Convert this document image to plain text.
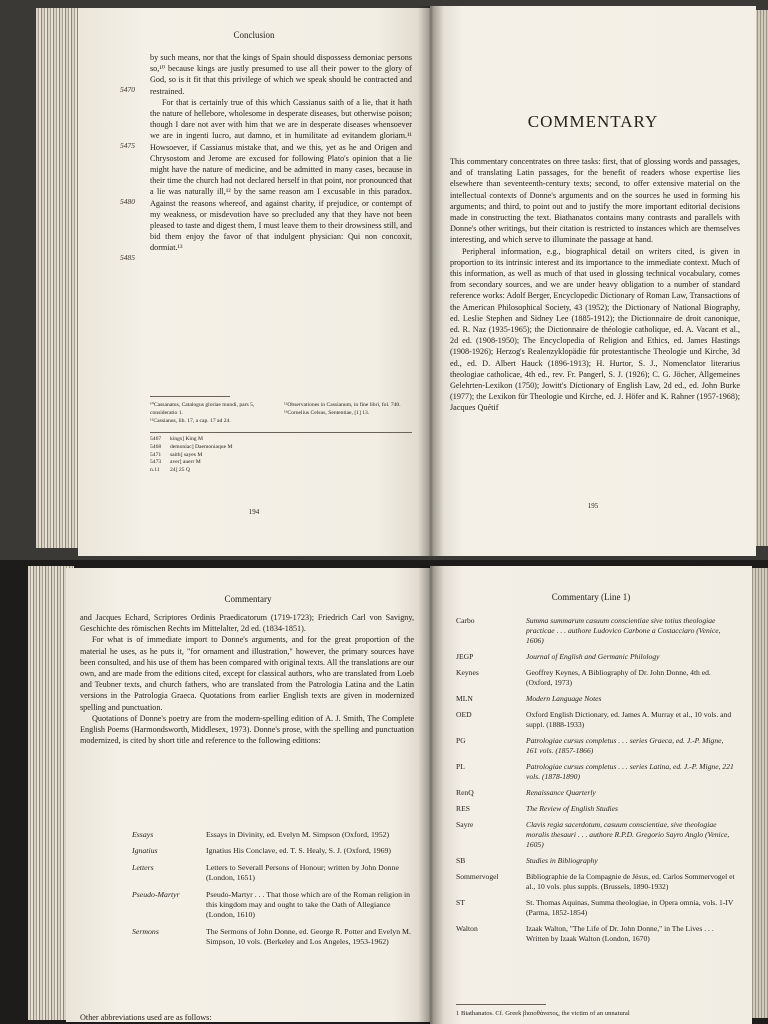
Conclusion

by such means, nor that the kings of Spain should dispossess demoniac persons so,¹⁰ because kings are justly presumed to use all their power to the glory of God, so is it fit that this privilege of which we speak should be contracted and restrained.

For that is certainly true of this which Cassianus saith of a lie, that it hath the nature of hellebore, wholesome in desperate diseases, but otherwise poison; though I dare not aver with him that we are in desperate diseases whensoever we are in ingenti lucro, aut damno, et in humilitate ad evitandem gloriam.¹¹ Howsoever, if Cassianus mistake that, and we this, yet as he and Origen and Chrysostom and Jerome are excused for following Plato's opinion that a lie might have the nature of medicine, and be admitted in many cases, because in their time the church had not declared herself in that point, nor pronounced that a lie was naturally ill,¹² by the same reason am I excusable in this paradox. Against the reasons whereof, and against charity, if prejudice, or contempt of my weakness, or misdevotion have so precluded any that they have not been pleased to taste and digest them, I must leave them to their drowsiness still, and bid them enjoy the favor of that indulgent physician: Qui non concoxit, dormiat.¹³

5470
5475
5480
5485
¹⁰Cassanatus, Catalogus gloriae mundi, pars 5, consideratio 1.
¹¹Cassianus, lib. 17, a cap. 17 ad 24.
¹²Observationes in Cassianum, in fine libri, fol. 740.
¹³Cornelius Celsus, Sententiae, [1] 13.
5467	kings] King M
5468	demoniac] Daemoniaque M
5471	saith] sayes M
5473	aver] auerr M
n.11	24] 25 Q
194
COMMENTARY

This commentary concentrates on three tasks: first, that of glossing words and passages, and of translating Latin passages, for the benefit of readers whose expertise lies elsewhere than seventeenth-century texts; second, to offer extensive material on the intellectual contexts of Donne's arguments and on the sources he used in forming his arguments; and third, to point out and to justify the more important editorial decisions made in constructing the text. Biathanatos contains many contrasts and parallels with Donne's other writings, but their citation is restricted to instances which are themselves interesting, and which serve to illuminate the passage at hand.

Peripheral information, e.g., biographical detail on writers cited, is given in proportion to its intrinsic interest and its importance to the immediate context. Much of this information, as well as much of that used in glossing technical vocabulary, comes from secondary sources, and we are under heavy obligation to a number of standard reference works: Adolf Berger, Encyclopedic Dictionary of Roman Law, Transactions of the American Philosophical Society, 43 (1952); the Dictionary of National Biography, ed. Leslie Stephen and Sidney Lee (1885-1912); the Dictionnaire de droit canonique, ed. R. Naz (1935-1965); the Dictionnaire de théologie catholique, ed. A. Vacant et al., 2d ed. (1908-1950); The Encyclopedia of Religion and Ethics, ed. James Hastings (1908-1926); Herzog's Realenzyklopädie für protestantische Theologie und Kirche, 3d ed., ed. D. Albert Hauck (1896-1913); H. Hurtor, S. J., Nomenclator literarius theologiae catholicae, 4th ed., rev. Fr. Pangerl, S. J. (1926); C. G. Jöcher, Allgemeines Gelehrten-Lexikon (1750); Jowitt's Dictionary of English Law, 2d ed., ed. John Burke (1977); the Lexikon für Theologie und Kirche, ed. J. Höfer and K. Rahner (1957-1968); Jacques Quétif

195
Commentary

and Jacques Echard, Scriptores Ordinis Praedicatorum (1719-1723); Friedrich Carl von Savigny, Geschichte des römischen Rechts im Mittelalter, 2d ed. (1834-1851).

For what is of immediate import to Donne's arguments, and for the great proportion of the material he uses, as he puts it, "for ornament and illustration," however, the primary sources have been consulted, and his use of them has been compared with original texts. All the translations are our own, and are made from the editions cited, except for classical authors, who are translated from Loeb and Teubner texts, and church fathers, who are translated from the Patrologia Latina and the Latin versions in the Patrologia Graeca. Quotations from earlier English texts are given in modernized spelling and punctuation.

Quotations of Donne's poetry are from the modern-spelling edition of A. J. Smith, The Complete English Poems (Harmondsworth, Middlesex, 1973). Donne's prose, with the spelling and punctuation modernized, is cited by short title and reference to the following editions:

Essays	Essays in Divinity, ed. Evelyn M. Simpson (Oxford, 1952)
Ignatius	Ignatius His Conclave, ed. T. S. Healy, S. J. (Oxford, 1969)
Letters	Letters to Severall Persons of Honour; written by John Donne (London, 1651)
Pseudo-Martyr	Pseudo-Martyr . . . That those which are of the Roman religion in this kingdom may and ought to take the Oath of Allegiance (London, 1610)
Sermons	The Sermons of John Donne, ed. George R. Potter and Evelyn M. Simpson, 10 vols. (Berkeley and Los Angeles, 1953-1962)
Other abbreviations used are as follows:
Commentary (Line 1)
Carbo	Summa summarum casuum conscientiae sive totius theologiae practicae . . . authore Ludovico Carbone a Costacciaro (Venice, 1606)
JEGP	Journal of English and Germanic Philology
Keynes	Geoffrey Keynes, A Bibliography of Dr. John Donne, 4th ed. (Oxford, 1973)
MLN	Modern Language Notes
OED	Oxford English Dictionary, ed. James A. Murray et al., 10 vols. and suppl. (1888-1933)
PG	Patrologiae cursus completus . . . series Graeca, ed. J.-P. Migne, 161 vols. (1857-1866)
PL	Patrologiae cursus completus . . . series Latina, ed. J.-P. Migne, 221 vols. (1878-1890)
RenQ	Renaissance Quarterly
RES	The Review of English Studies
Sayre	Clavis regia sacerdotum, casuum conscientiae, sive theologiae moralis thesauri . . . authore R.P.D. Gregorio Sayro Anglo (Venice, 1605)
SB	Studies in Bibliography
Sommervogel	Bibliographie de la Compagnie de Jésus, ed. Carlos Sommervogel et al., 10 vols. plus suppls. (Brussels, 1890-1932)
ST	St. Thomas Aquinas, Summa theologiae, in Opera omnia, vols. 1-IV (Parma, 1852-1854)
Walton	Izaak Walton, "The Life of Dr. John Donne," in The Lives . . . Written by Izaak Walton (London, 1670)
1 Biathanatos. Cf. Greek βιαιοθάνατος, the victim of an unnatural
